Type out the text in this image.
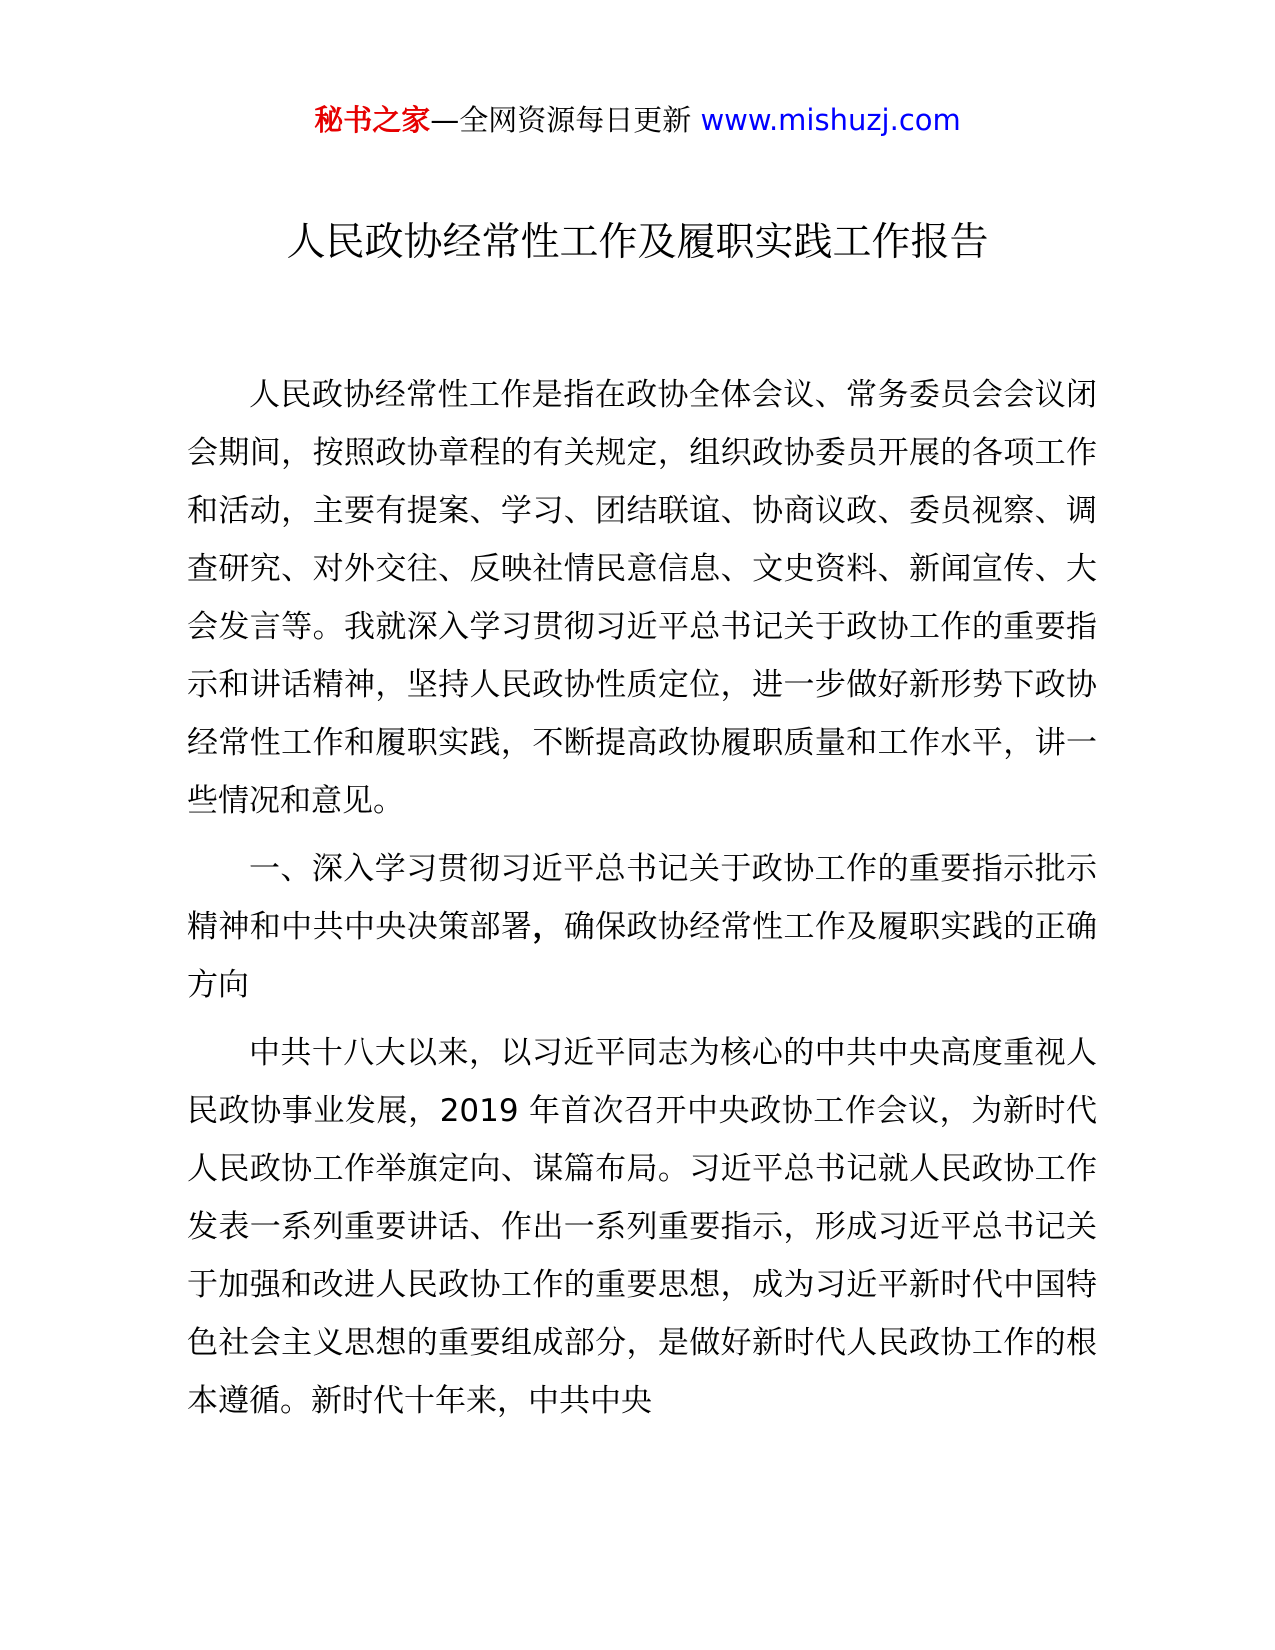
秘书之家—全网资源每日更新 www.mishuzj.com
人民政协经常性工作及履职实践工作报告

人民政协经常性工作是指在政协全体会议、常务委员会会议闭会期间，按照政协章程的有关规定，组织政协委员开展的各项工作和活动，主要有提案、学习、团结联谊、协商议政、委员视察、调查研究、对外交往、反映社情民意信息、文史资料、新闻宣传、大会发言等。我就深入学习贯彻习近平总书记关于政协工作的重要指示和讲话精神，坚持人民政协性质定位，进一步做好新形势下政协经常性工作和履职实践，不断提高政协履职质量和工作水平，讲一些情况和意见。

一、深入学习贯彻习近平总书记关于政协工作的重要指示批示精神和中共中央决策部署，确保政协经常性工作及履职实践的正确方向

中共十八大以来，以习近平同志为核心的中共中央高度重视人民政协事业发展，2019 年首次召开中央政协工作会议，为新时代人民政协工作举旗定向、谋篇布局。习近平总书记就人民政协工作发表一系列重要讲话、作出一系列重要指示，形成习近平总书记关于加强和改进人民政协工作的重要思想，成为习近平新时代中国特色社会主义思想的重要组成部分，是做好新时代人民政协工作的根本遵循。新时代十年来，中共中央
